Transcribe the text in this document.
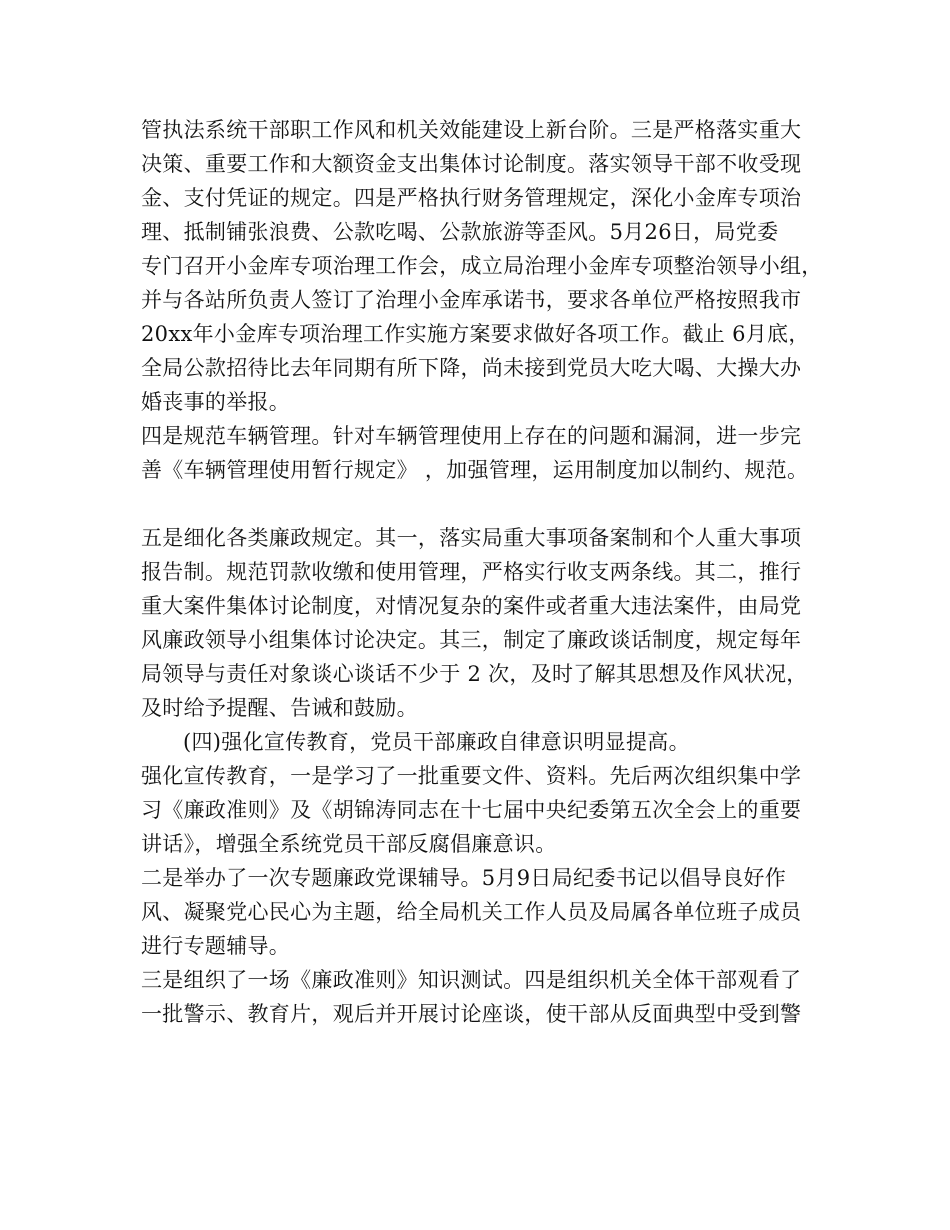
管执法系统干部职工作风和机关效能建设上新台阶。三是严格落实重大
决策、重要工作和大额资金支出集体讨论制度。落实领导干部不收受现
金、支付凭证的规定。四是严格执行财务管理规定，深化小金库专项治
理、抵制铺张浪费、公款吃喝、公款旅游等歪风。5月26日，局党委
专门召开小金库专项治理工作会，成立局治理小金库专项整治领导小组，
并与各站所负责人签订了治理小金库承诺书，要求各单位严格按照我市
20xx年小金库专项治理工作实施方案要求做好各项工作。截止 6月底，
全局公款招待比去年同期有所下降，尚未接到党员大吃大喝、大操大办
婚丧事的举报。
四是规范车辆管理。针对车辆管理使用上存在的问题和漏洞，进一步完
善《车辆管理使用暂行规定》 ，加强管理，运用制度加以制约、规范。
五是细化各类廉政规定。其一，落实局重大事项备案制和个人重大事项
报告制。规范罚款收缴和使用管理，严格实行收支两条线。其二，推行
重大案件集体讨论制度，对情况复杂的案件或者重大违法案件，由局党
风廉政领导小组集体讨论决定。其三，制定了廉政谈话制度，规定每年
局领导与责任对象谈心谈话不少于 2 次，及时了解其思想及作风状况，
及时给予提醒、告诫和鼓励。
(四)强化宣传教育，党员干部廉政自律意识明显提高。
强化宣传教育，一是学习了一批重要文件、资料。先后两次组织集中学
习《廉政准则》及《胡锦涛同志在十七届中央纪委第五次全会上的重要
讲话》，增强全系统党员干部反腐倡廉意识。
二是举办了一次专题廉政党课辅导。5月9日局纪委书记以倡导良好作
风、凝聚党心民心为主题，给全局机关工作人员及局属各单位班子成员
进行专题辅导。
三是组织了一场《廉政准则》知识测试。四是组织机关全体干部观看了
一批警示、教育片，观后并开展讨论座谈，使干部从反面典型中受到警
